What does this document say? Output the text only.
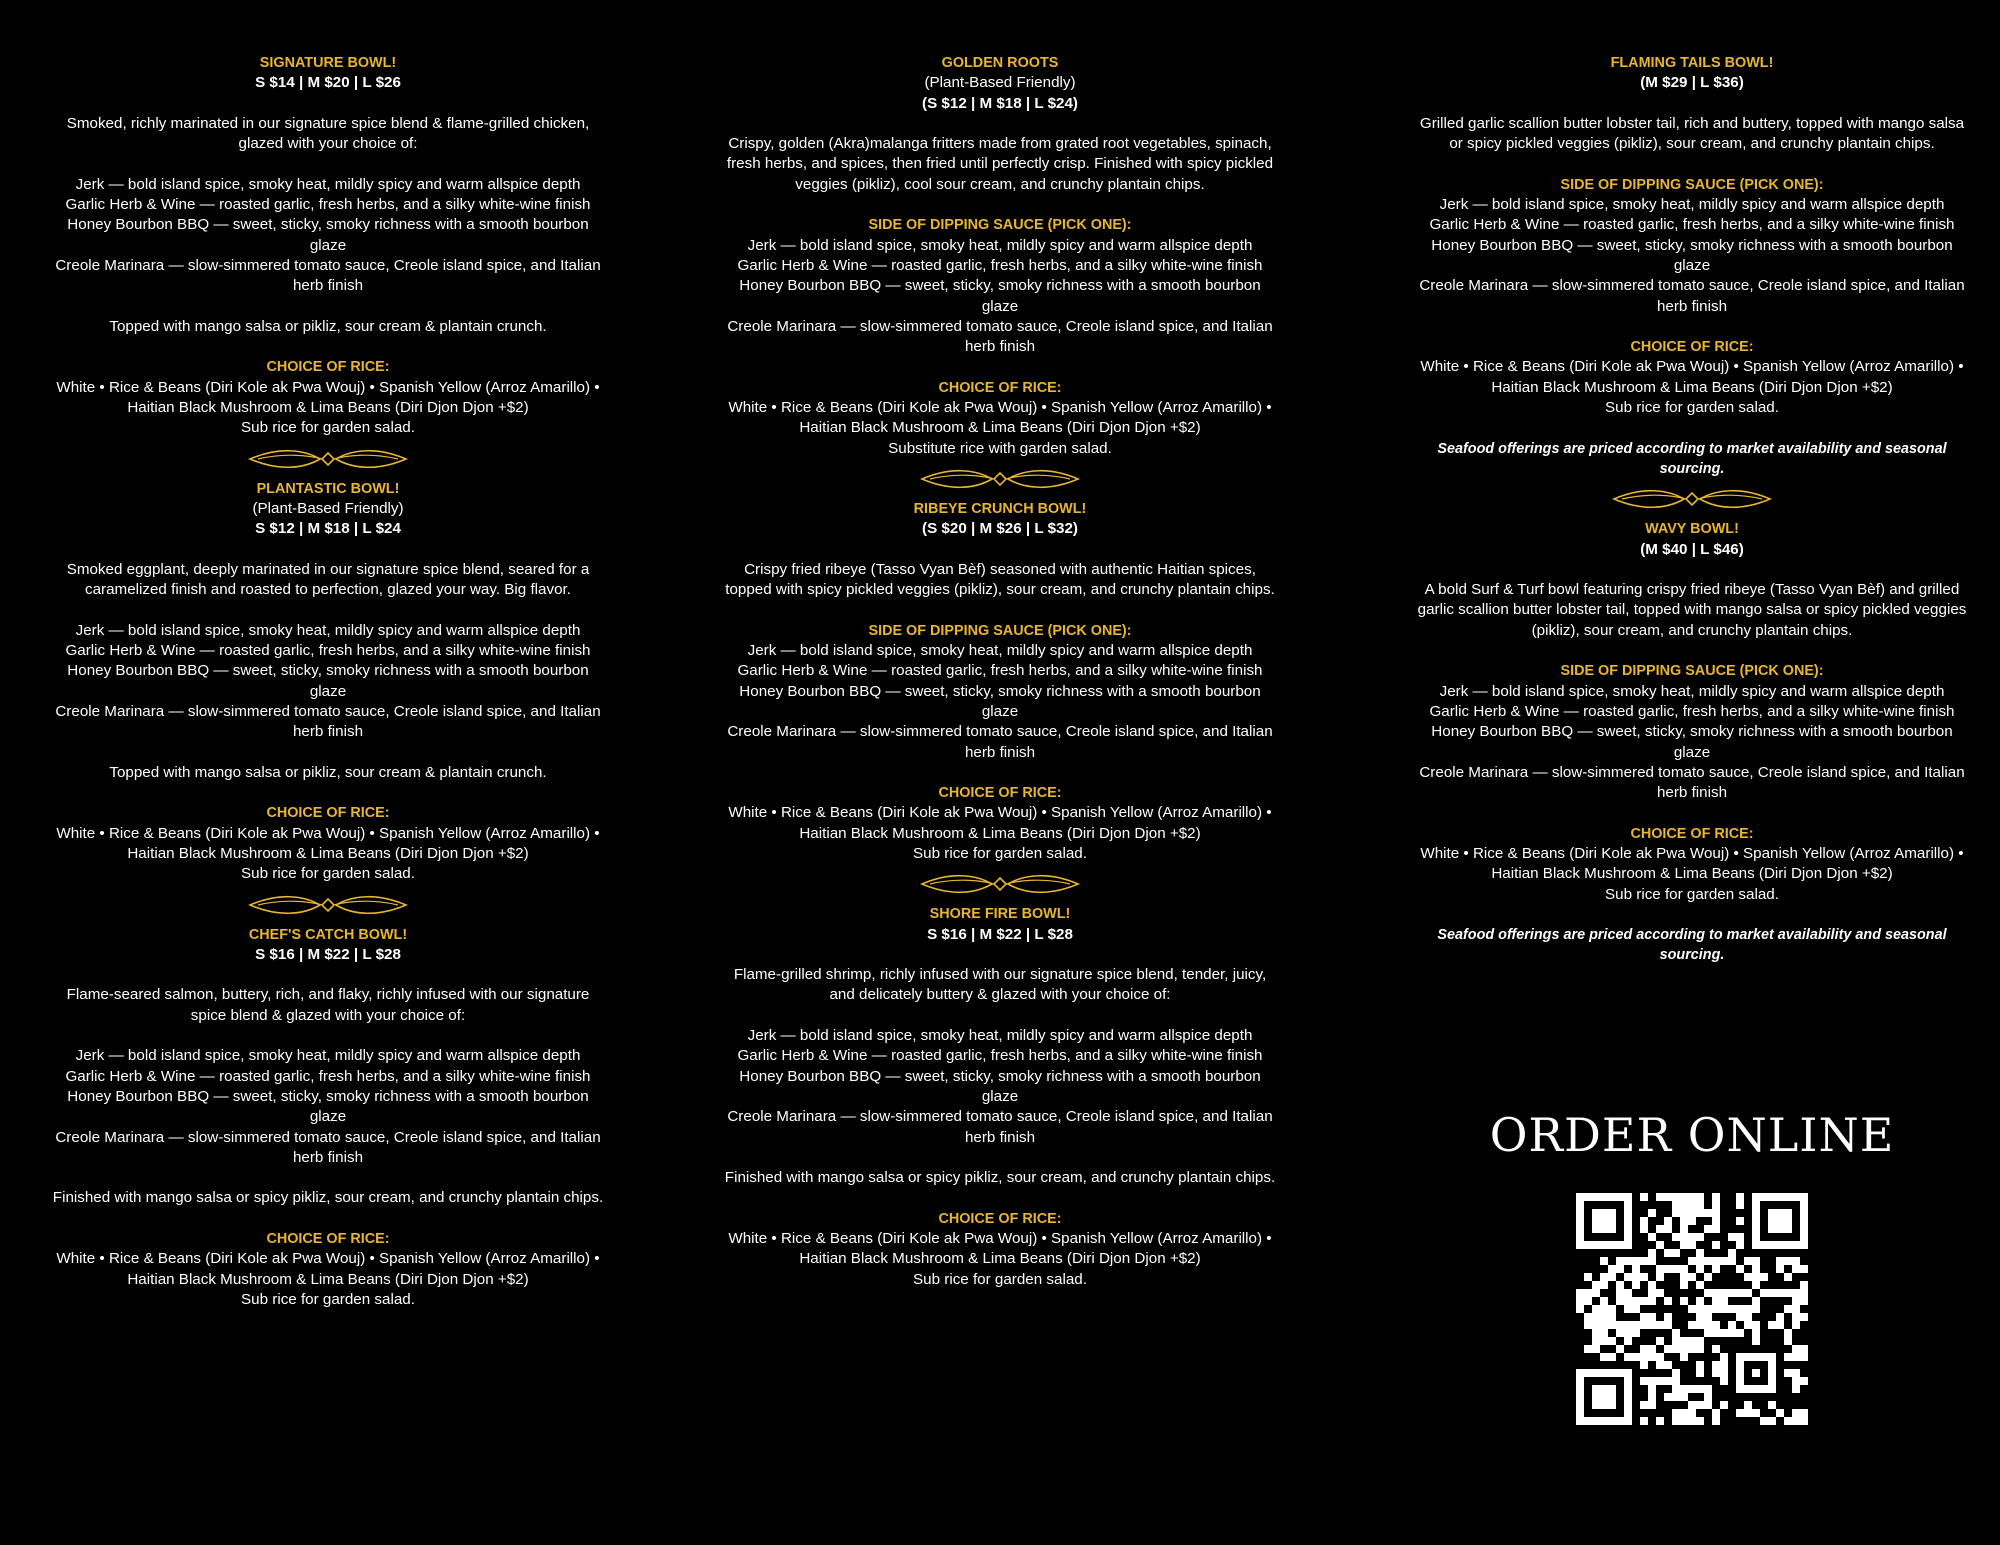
SIGNATURE BOWL!

S $14 | M $20 | L $26

Smoked, richly marinated in our signature spice blend & flame-grilled chicken, glazed with your choice of:

Jerk — bold island spice, smoky heat, mildly spicy and warm allspice depth

Garlic Herb & Wine — roasted garlic, fresh herbs, and a silky white-wine finish

Honey Bourbon BBQ — sweet, sticky, smoky richness with a smooth bourbon glaze

Creole Marinara — slow-simmered tomato sauce, Creole island spice, and Italian herb finish

Topped with mango salsa or pikliz, sour cream & plantain crunch.

CHOICE OF RICE:

White • Rice & Beans (Diri Kole ak Pwa Wouj) • Spanish Yellow (Arroz Amarillo) • Haitian Black Mushroom & Lima Beans (Diri Djon Djon +$2)

Sub rice for garden salad.

PLANTASTIC BOWL!

(Plant-Based Friendly)

S $12 | M $18 | L $24

Smoked eggplant, deeply marinated in our signature spice blend, seared for a caramelized finish and roasted to perfection, glazed your way. Big flavor.

Jerk — bold island spice, smoky heat, mildly spicy and warm allspice depth

Garlic Herb & Wine — roasted garlic, fresh herbs, and a silky white-wine finish

Honey Bourbon BBQ — sweet, sticky, smoky richness with a smooth bourbon glaze

Creole Marinara — slow-simmered tomato sauce, Creole island spice, and Italian herb finish

Topped with mango salsa or pikliz, sour cream & plantain crunch.

CHOICE OF RICE:

White • Rice & Beans (Diri Kole ak Pwa Wouj) • Spanish Yellow (Arroz Amarillo) • Haitian Black Mushroom & Lima Beans (Diri Djon Djon +$2)

Sub rice for garden salad.

CHEF'S CATCH BOWL!

S $16 | M $22 | L $28

Flame-seared salmon, buttery, rich, and flaky, richly infused with our signature spice blend & glazed with your choice of:

Jerk — bold island spice, smoky heat, mildly spicy and warm allspice depth

Garlic Herb & Wine — roasted garlic, fresh herbs, and a silky white-wine finish

Honey Bourbon BBQ — sweet, sticky, smoky richness with a smooth bourbon glaze

Creole Marinara — slow-simmered tomato sauce, Creole island spice, and Italian herb finish

Finished with mango salsa or spicy pikliz, sour cream, and crunchy plantain chips.

CHOICE OF RICE:

White • Rice & Beans (Diri Kole ak Pwa Wouj) • Spanish Yellow (Arroz Amarillo) • Haitian Black Mushroom & Lima Beans (Diri Djon Djon +$2)

Sub rice for garden salad.

GOLDEN ROOTS

(Plant-Based Friendly)

(S $12 | M $18 | L $24)

Crispy, golden (Akra)malanga fritters made from grated root vegetables, spinach, fresh herbs, and spices, then fried until perfectly crisp. Finished with spicy pickled veggies (pikliz), cool sour cream, and crunchy plantain chips.

SIDE OF DIPPING SAUCE (PICK ONE):

Jerk — bold island spice, smoky heat, mildly spicy and warm allspice depth

Garlic Herb & Wine — roasted garlic, fresh herbs, and a silky white-wine finish

Honey Bourbon BBQ — sweet, sticky, smoky richness with a smooth bourbon glaze

Creole Marinara — slow-simmered tomato sauce, Creole island spice, and Italian herb finish

CHOICE OF RICE:

White • Rice & Beans (Diri Kole ak Pwa Wouj) • Spanish Yellow (Arroz Amarillo) • Haitian Black Mushroom & Lima Beans (Diri Djon Djon +$2)

Substitute rice with garden salad.

RIBEYE CRUNCH BOWL!

(S $20 | M $26 | L $32)

Crispy fried ribeye (Tasso Vyan Bèf) seasoned with authentic Haitian spices, topped with spicy pickled veggies (pikliz), sour cream, and crunchy plantain chips.

SIDE OF DIPPING SAUCE (PICK ONE):

Jerk — bold island spice, smoky heat, mildly spicy and warm allspice depth

Garlic Herb & Wine — roasted garlic, fresh herbs, and a silky white-wine finish

Honey Bourbon BBQ — sweet, sticky, smoky richness with a smooth bourbon glaze

Creole Marinara — slow-simmered tomato sauce, Creole island spice, and Italian herb finish

CHOICE OF RICE:

White • Rice & Beans (Diri Kole ak Pwa Wouj) • Spanish Yellow (Arroz Amarillo) • Haitian Black Mushroom & Lima Beans (Diri Djon Djon +$2)

Sub rice for garden salad.

SHORE FIRE BOWL!

S $16 | M $22 | L $28

Flame-grilled shrimp, richly infused with our signature spice blend, tender, juicy, and delicately buttery & glazed with your choice of:

Jerk — bold island spice, smoky heat, mildly spicy and warm allspice depth

Garlic Herb & Wine — roasted garlic, fresh herbs, and a silky white-wine finish

Honey Bourbon BBQ — sweet, sticky, smoky richness with a smooth bourbon glaze

Creole Marinara — slow-simmered tomato sauce, Creole island spice, and Italian herb finish

Finished with mango salsa or spicy pikliz, sour cream, and crunchy plantain chips.

CHOICE OF RICE:

White • Rice & Beans (Diri Kole ak Pwa Wouj) • Spanish Yellow (Arroz Amarillo) • Haitian Black Mushroom & Lima Beans (Diri Djon Djon +$2)

Sub rice for garden salad.

FLAMING TAILS BOWL!

(M $29 | L $36)

Grilled garlic scallion butter lobster tail, rich and buttery, topped with mango salsa or spicy pickled veggies (pikliz), sour cream, and crunchy plantain chips.

SIDE OF DIPPING SAUCE (PICK ONE):

Jerk — bold island spice, smoky heat, mildly spicy and warm allspice depth

Garlic Herb & Wine — roasted garlic, fresh herbs, and a silky white-wine finish

Honey Bourbon BBQ — sweet, sticky, smoky richness with a smooth bourbon glaze

Creole Marinara — slow-simmered tomato sauce, Creole island spice, and Italian herb finish

CHOICE OF RICE:

White • Rice & Beans (Diri Kole ak Pwa Wouj) • Spanish Yellow (Arroz Amarillo) • Haitian Black Mushroom & Lima Beans (Diri Djon Djon +$2)

Sub rice for garden salad.

Seafood offerings are priced according to market availability and seasonal sourcing.

WAVY BOWL!

(M $40 | L $46)

A bold Surf & Turf bowl featuring crispy fried ribeye (Tasso Vyan Bèf) and grilled garlic scallion butter lobster tail, topped with mango salsa or spicy pickled veggies (pikliz), sour cream, and crunchy plantain chips.

SIDE OF DIPPING SAUCE (PICK ONE):

Jerk — bold island spice, smoky heat, mildly spicy and warm allspice depth

Garlic Herb & Wine — roasted garlic, fresh herbs, and a silky white-wine finish

Honey Bourbon BBQ — sweet, sticky, smoky richness with a smooth bourbon glaze

Creole Marinara — slow-simmered tomato sauce, Creole island spice, and Italian herb finish

CHOICE OF RICE:

White • Rice & Beans (Diri Kole ak Pwa Wouj) • Spanish Yellow (Arroz Amarillo) • Haitian Black Mushroom & Lima Beans (Diri Djon Djon +$2)

Sub rice for garden salad.

Seafood offerings are priced according to market availability and seasonal sourcing.

ORDER ONLINE
